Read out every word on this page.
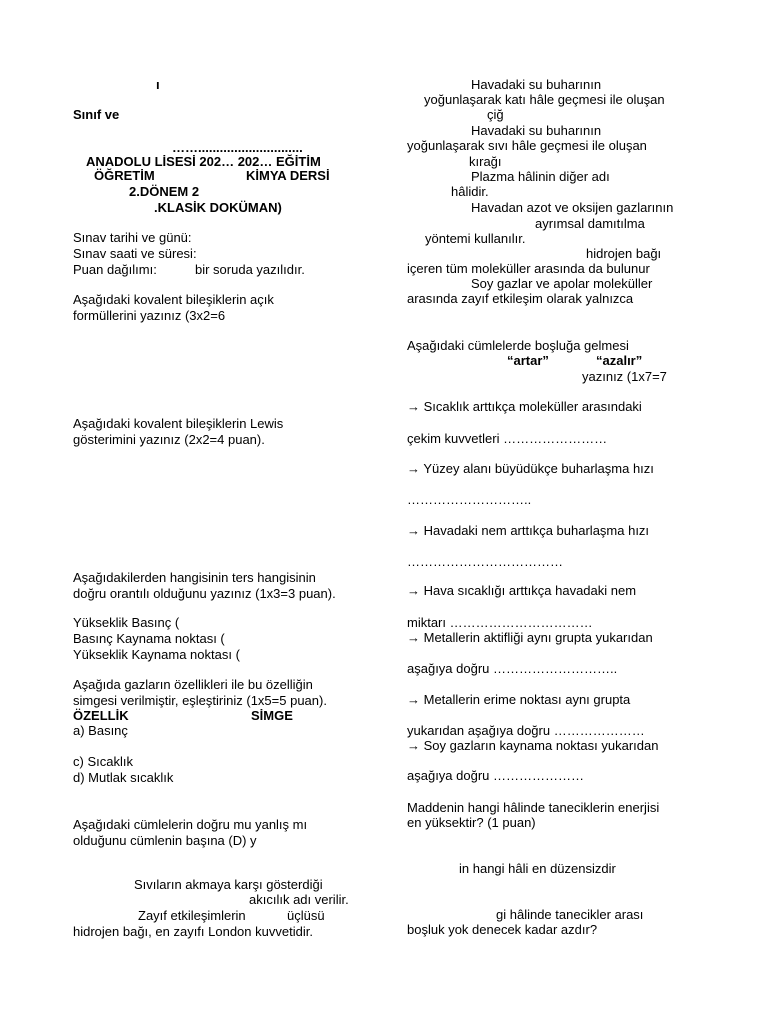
ı
Sınıf ve
…….............................
ANADOLU LİSESİ 202… 202… EĞİTİM
ÖĞRETİM	KİMYA DERSİ
2.DÖNEM 2
.KLASİK DOKÜMAN)
Sınav tarihi ve günü:
Sınav saati ve süresi:
Puan dağılımı:	bir soruda yazılıdır.
Aşağıdaki kovalent bileşiklerin açık
formüllerini yazınız (3x2=6
Aşağıdaki kovalent bileşiklerin Lewis
gösterimini yazınız (2x2=4 puan).
Aşağıdakilerden hangisinin ters hangisinin
doğru orantılı olduğunu yazınız (1x3=3 puan).
Yükseklik Basınç (
Basınç Kaynama noktası (
Yükseklik Kaynama noktası (
Aşağıda gazların özellikleri ile bu özelliğin
simgesi verilmiştir, eşleştiriniz (1x5=5 puan).
ÖZELLİK	SİMGE
a) Basınç
c) Sıcaklık
d) Mutlak sıcaklık
Aşağıdaki cümlelerin doğru mu yanlış mı
olduğunu cümlenin başına (D) y
Sıvıların akmaya karşı gösterdiği
akıcılık adı verilir.
Zayıf etkileşimlerin	üçlüsü
hidrojen bağı, en zayıfı London kuvvetidir.
Havadaki su buharının
yoğunlaşarak katı hâle geçmesi ile oluşan
çiğ
Havadaki su buharının
yoğunlaşarak sıvı hâle geçmesi ile oluşan
kırağı
Plazma hâlinin diğer adı
hâlidir.
Havadan azot ve oksijen gazlarının
ayrımsal damıtılma
yöntemi kullanılır.
hidrojen bağı
içeren tüm moleküller arasında da bulunur
Soy gazlar ve apolar moleküller
arasında zayıf etkileşim olarak yalnızca
Aşağıdaki cümlelerde boşluğa gelmesi
“artar”	“azalır”
yazınız (1x7=7
→ Sıcaklık arttıkça moleküller arasındaki
çekim kuvvetleri ……………………
→ Yüzey alanı büyüdükçe buharlaşma hızı
………………………..
→ Havadaki nem arttıkça buharlaşma hızı
………………………………
→ Hava sıcaklığı arttıkça havadaki nem
miktarı ……………………………
→ Metallerin aktifliği aynı grupta yukarıdan
aşağıya doğru ………………………..
→ Metallerin erime noktası aynı grupta
yukarıdan aşağıya doğru …………………
→ Soy gazların kaynama noktası yukarıdan
aşağıya doğru …………………
Maddenin hangi hâlinde taneciklerin enerjisi
en yüksektir? (1 puan)
in hangi hâli en düzensizdir
gi hâlinde tanecikler arası
boşluk yok denecek kadar azdır?
